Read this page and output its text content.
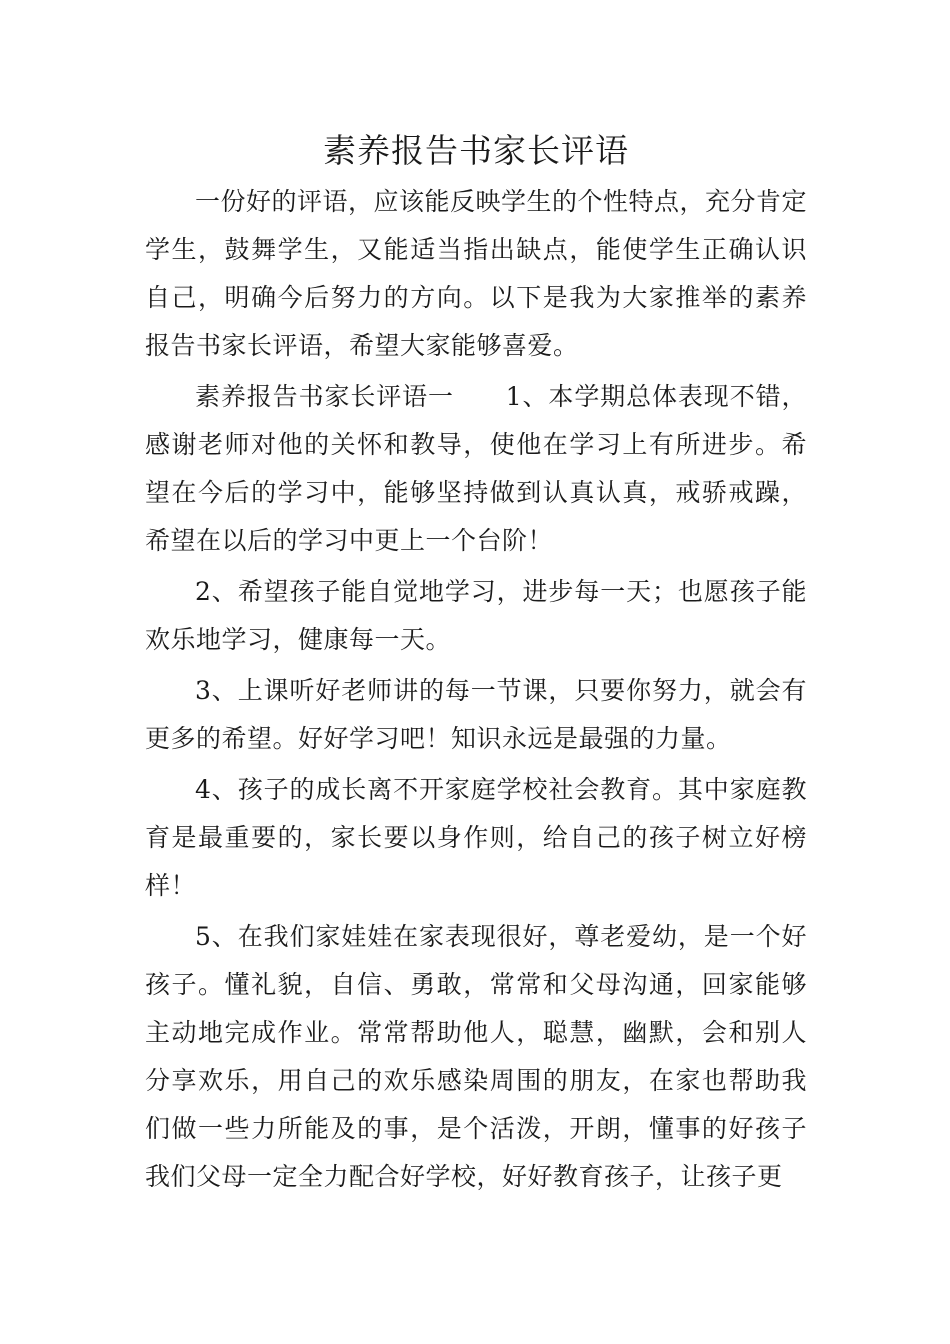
素养报告书家长评语

一份好的评语，应该能反映学生的个性特点，充分肯定学生，鼓舞学生，又能适当指出缺点，能使学生正确认识自己，明确今后努力的方向。以下是我为大家推举的素养报告书家长评语，希望大家能够喜爱。

素养报告书家长评语一　　1、本学期总体表现不错，感谢老师对他的关怀和教导，使他在学习上有所进步。希望在今后的学习中，能够坚持做到认真认真，戒骄戒躁，希望在以后的学习中更上一个台阶！

2、希望孩子能自觉地学习，进步每一天；也愿孩子能欢乐地学习，健康每一天。

3、上课听好老师讲的每一节课，只要你努力，就会有更多的希望。好好学习吧！知识永远是最强的力量。

4、孩子的成长离不开家庭学校社会教育。其中家庭教育是最重要的，家长要以身作则，给自己的孩子树立好榜样！

5、在我们家娃娃在家表现很好，尊老爱幼，是一个好孩子。懂礼貌，自信、勇敢，常常和父母沟通，回家能够主动地完成作业。常常帮助他人，聪慧，幽默，会和别人分享欢乐，用自己的欢乐感染周围的朋友，在家也帮助我们做一些力所能及的事，是个活泼，开朗，懂事的好孩子我们父母一定全力配合好学校，好好教育孩子，让孩子更
